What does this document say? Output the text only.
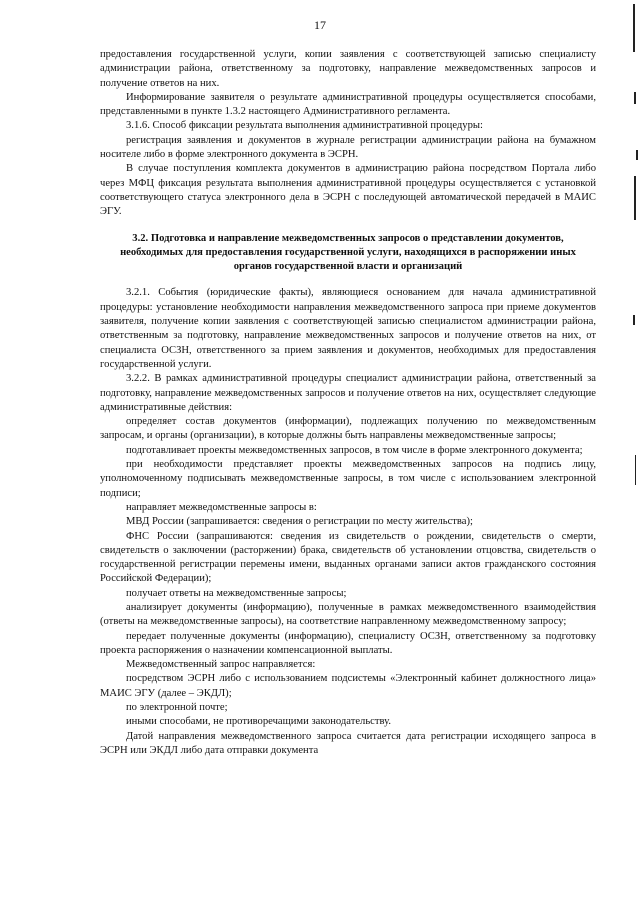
17

предоставления государственной услуги, копии заявления с соответствующей записью специалисту администрации района, ответственному за подготовку, направление межведомственных запросов и получение ответов на них.

Информирование заявителя о результате административной процедуры осуществляется способами, представленными в пункте 1.3.2 настоящего Административного регламента.

3.1.6. Способ фиксации результата выполнения административной процедуры:

регистрация заявления и документов в журнале регистрации администрации района на бумажном носителе либо в форме электронного документа в ЭСРН.

В случае поступления комплекта документов в администрацию района посредством Портала либо через МФЦ фиксация результата выполнения административной процедуры осуществляется с установкой соответствующего статуса электронного дела в ЭСРН с последующей автоматической передачей в МАИС ЭГУ.

3.2. Подготовка и направление межведомственных запросов о представлении документов, необходимых для предоставления государственной услуги, находящихся в распоряжении иных органов государственной власти и организаций

3.2.1. События (юридические факты), являющиеся основанием для начала административной процедуры: установление необходимости направления межведомственного запроса при приеме документов заявителя, получение копии заявления с соответствующей записью специалистом администрации района, ответственным за подготовку, направление межведомственных запросов и получение ответов на них, от специалиста ОСЗН, ответственного за прием заявления и документов, необходимых для предоставления государственной услуги.

3.2.2. В рамках административной процедуры специалист администрации района, ответственный за подготовку, направление межведомственных запросов и получение ответов на них, осуществляет следующие административные действия:

определяет состав документов (информации), подлежащих получению по межведомственным запросам, и органы (организации), в которые должны быть направлены межведомственные запросы;

подготавливает проекты межведомственных запросов, в том числе в форме электронного документа;

при необходимости представляет проекты межведомственных запросов на подпись лицу, уполномоченному подписывать межведомственные запросы, в том числе с использованием электронной подписи;

направляет межведомственные запросы в:

МВД России (запрашивается: сведения о регистрации по месту жительства);

ФНС России (запрашиваются: сведения из свидетельств о рождении, свидетельств о смерти, свидетельств о заключении (расторжении) брака, свидетельств об установлении отцовства, свидетельств о государственной регистрации перемены имени, выданных органами записи актов гражданского состояния Российской Федерации);

получает ответы на межведомственные запросы;

анализирует документы (информацию), полученные в рамках межведомственного взаимодействия (ответы на межведомственные запросы), на соответствие направленному межведомственному запросу;

передает полученные документы (информацию), специалисту ОСЗН, ответственному за подготовку проекта распоряжения о назначении компенсационной выплаты.

Межведомственный запрос направляется:

посредством ЭСРН либо с использованием подсистемы «Электронный кабинет должностного лица» МАИС ЭГУ (далее – ЭКДЛ);

по электронной почте;

иными способами, не противоречащими законодательству.

Датой направления межведомственного запроса считается дата регистрации исходящего запроса в ЭСРН или ЭКДЛ либо дата отправки документа
